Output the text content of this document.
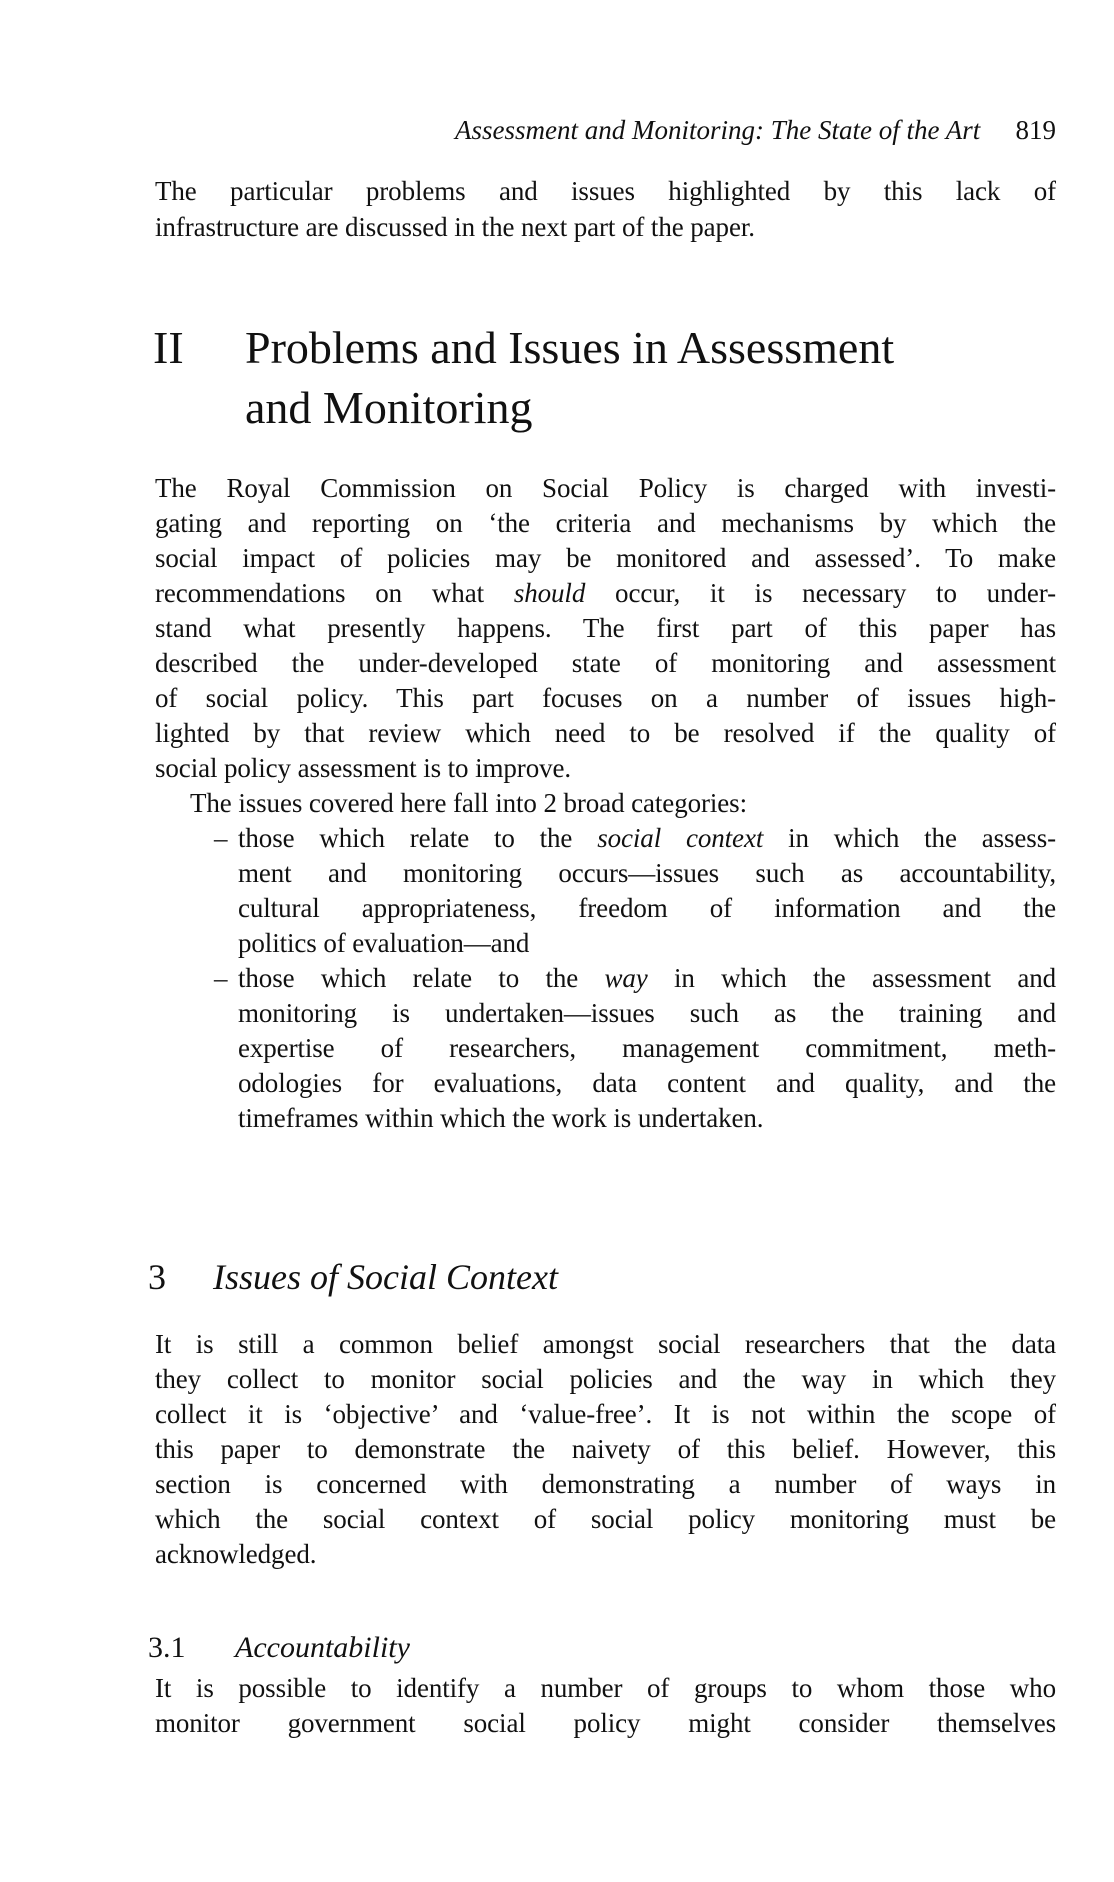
Assessment and Monitoring: The State of the Art 819
The particular problems and issues highlighted by this lack of
infrastructure are discussed in the next part of the paper.
II Problems and Issues in Assessment
and Monitoring
The Royal Commission on Social Policy is charged with investi-
gating and reporting on ‘the criteria and mechanisms by which the
social impact of policies may be monitored and assessed’. To make
recommendations on what should occur, it is necessary to under-
stand what presently happens. The first part of this paper has
described the under-developed state of monitoring and assessment
of social policy. This part focuses on a number of issues high-
lighted by that review which need to be resolved if the quality of
social policy assessment is to improve.
The issues covered here fall into 2 broad categories:
– those which relate to the social context in which the assess-
ment and monitoring occurs—issues such as accountability,
cultural appropriateness, freedom of information and the
politics of evaluation—and
– those which relate to the way in which the assessment and
monitoring is undertaken—issues such as the training and
expertise of researchers, management commitment, meth-
odologies for evaluations, data content and quality, and the
timeframes within which the work is undertaken.
3 Issues of Social Context
It is still a common belief amongst social researchers that the data
they collect to monitor social policies and the way in which they
collect it is ‘objective’ and ‘value-free’. It is not within the scope of
this paper to demonstrate the naivety of this belief. However, this
section is concerned with demonstrating a number of ways in
which the social context of social policy monitoring must be
acknowledged.
3.1 Accountability
It is possible to identify a number of groups to whom those who
monitor government social policy might consider themselves
